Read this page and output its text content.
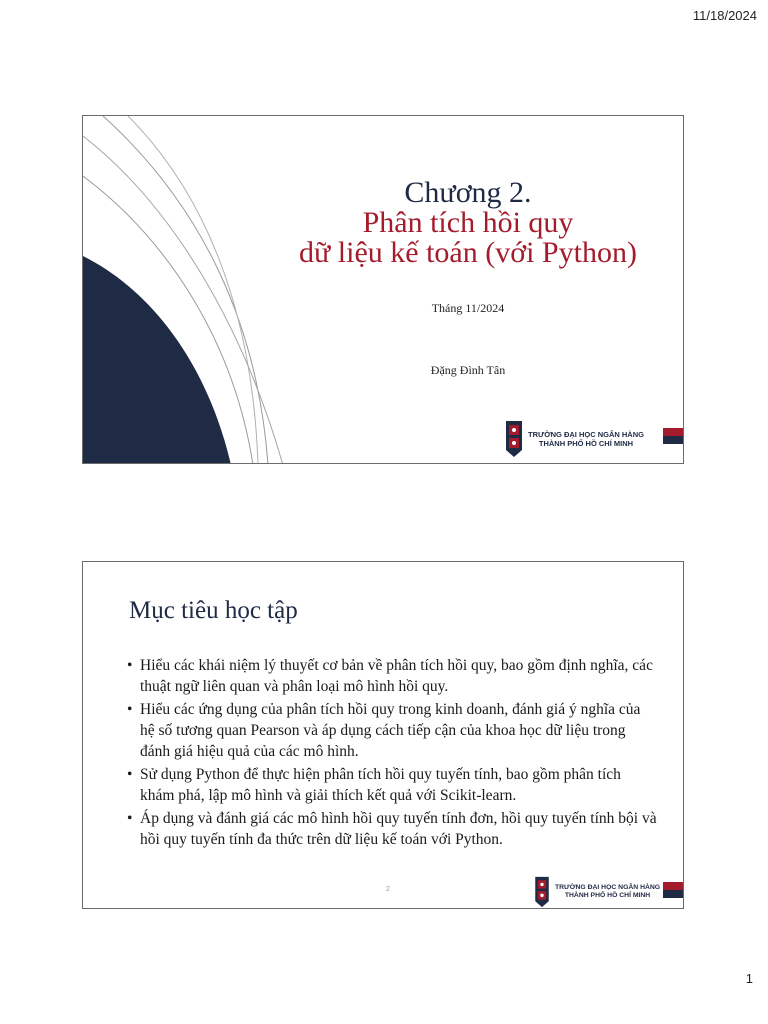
11/18/2024
Chương 2.
Phân tích hồi quy
dữ liệu kế toán (với Python)
Tháng 11/2024
Đặng Đình Tân
TRƯỜNG ĐẠI HỌC NGÂN HÀNG
THÀNH PHỐ HỒ CHÍ MINH
Mục tiêu học tập
• Hiểu các khái niệm lý thuyết cơ bản về phân tích hồi quy, bao gồm định nghĩa, các thuật ngữ liên quan và phân loại mô hình hồi quy.
• Hiểu các ứng dụng của phân tích hồi quy trong kinh doanh, đánh giá ý nghĩa của hệ số tương quan Pearson và áp dụng cách tiếp cận của khoa học dữ liệu trong đánh giá hiệu quả của các mô hình.
• Sử dụng Python để thực hiện phân tích hồi quy tuyến tính, bao gồm phân tích khám phá, lập mô hình và giải thích kết quả với Scikit-learn.
• Áp dụng và đánh giá các mô hình hồi quy tuyến tính đơn, hồi quy tuyến tính bội và hồi quy tuyến tính đa thức trên dữ liệu kế toán với Python.
2	TRƯỜNG ĐẠI HỌC NGÂN HÀNG
THÀNH PHỐ HỒ CHÍ MINH
1
